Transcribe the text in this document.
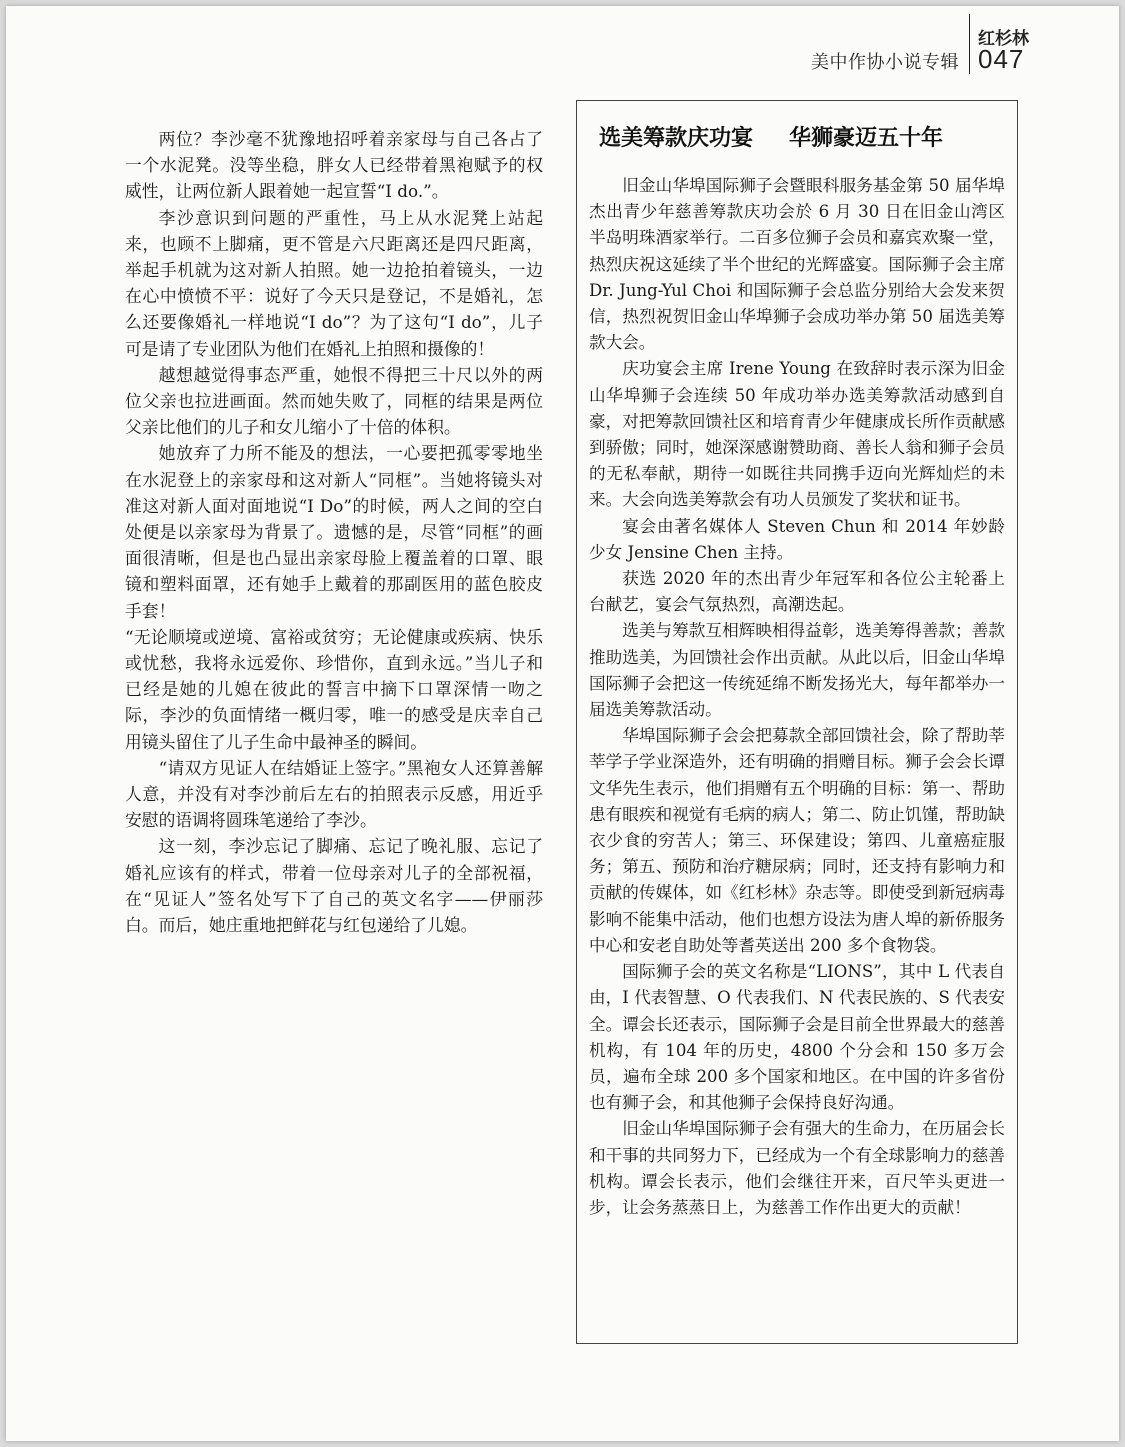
美中作协小说专辑
红杉林
047

两位？李沙毫不犹豫地招呼着亲家母与自己各占了一个水泥凳。没等坐稳，胖女人已经带着黑袍赋予的权威性，让两位新人跟着她一起宣誓“I do.”。

李沙意识到问题的严重性，马上从水泥凳上站起来，也顾不上脚痛，更不管是六尺距离还是四尺距离，举起手机就为这对新人拍照。她一边抢拍着镜头，一边在心中愤愤不平：说好了今天只是登记，不是婚礼，怎么还要像婚礼一样地说“I do”？为了这句“I do”，儿子可是请了专业团队为他们在婚礼上拍照和摄像的！

越想越觉得事态严重，她恨不得把三十尺以外的两位父亲也拉进画面。然而她失败了，同框的结果是两位父亲比他们的儿子和女儿缩小了十倍的体积。

她放弃了力所不能及的想法，一心要把孤零零地坐在水泥登上的亲家母和这对新人“同框”。当她将镜头对准这对新人面对面地说“I Do”的时候，两人之间的空白处便是以亲家母为背景了。遗憾的是，尽管“同框”的画面很清晰，但是也凸显出亲家母脸上覆盖着的口罩、眼镜和塑料面罩，还有她手上戴着的那副医用的蓝色胶皮手套！

“无论顺境或逆境、富裕或贫穷；无论健康或疾病、快乐或忧愁，我将永远爱你、珍惜你，直到永远。”当儿子和已经是她的儿媳在彼此的誓言中摘下口罩深情一吻之际，李沙的负面情绪一概归零，唯一的感受是庆幸自己用镜头留住了儿子生命中最神圣的瞬间。

“请双方见证人在结婚证上签字。”黑袍女人还算善解人意，并没有对李沙前后左右的拍照表示反感，用近乎安慰的语调将圆珠笔递给了李沙。

这一刻，李沙忘记了脚痛、忘记了晚礼服、忘记了婚礼应该有的样式，带着一位母亲对儿子的全部祝福，在“见证人”签名处写下了自己的英文名字——伊丽莎白。而后，她庄重地把鲜花与红包递给了儿媳。

选美筹款庆功宴 华狮豪迈五十年

旧金山华埠国际狮子会暨眼科服务基金第 50 届华埠杰出青少年慈善筹款庆功会於 6 月 30 日在旧金山湾区半岛明珠酒家举行。二百多位狮子会员和嘉宾欢聚一堂，热烈庆祝这延续了半个世纪的光辉盛宴。国际狮子会主席 Dr. Jung-Yul Choi 和国际狮子会总监分别给大会发来贺信，热烈祝贺旧金山华埠狮子会成功举办第 50 届选美筹款大会。

庆功宴会主席 Irene Young 在致辞时表示深为旧金山华埠狮子会连续 50 年成功举办选美筹款活动感到自豪，对把筹款回馈社区和培育青少年健康成长所作贡献感到骄傲；同时，她深深感谢赞助商、善长人翁和狮子会员的无私奉献，期待一如既往共同携手迈向光辉灿烂的未来。大会向选美筹款会有功人员颁发了奖状和证书。

宴会由著名媒体人 Steven Chun 和 2014 年妙龄少女 Jensine Chen 主持。

获选 2020 年的杰出青少年冠军和各位公主轮番上台献艺，宴会气氛热烈，高潮迭起。

选美与筹款互相辉映相得益彰，选美筹得善款；善款推助选美，为回馈社会作出贡献。从此以后，旧金山华埠国际狮子会把这一传统延绵不断发扬光大，每年都举办一届选美筹款活动。

华埠国际狮子会会把募款全部回馈社会，除了帮助莘莘学子学业深造外，还有明确的捐赠目标。狮子会会长谭文华先生表示，他们捐赠有五个明确的目标：第一、帮助患有眼疾和视觉有毛病的病人；第二、防止饥馑，帮助缺衣少食的穷苦人；第三、环保建设；第四、儿童癌症服务；第五、预防和治疗糖尿病；同时，还支持有影响力和贡献的传媒体，如《红杉林》杂志等。即使受到新冠病毒影响不能集中活动，他们也想方设法为唐人埠的新侨服务中心和安老自助处等耆英送出 200 多个食物袋。

国际狮子会的英文名称是“LIONS”，其中 L 代表自由，I 代表智慧、O 代表我们、N 代表民族的、S 代表安全。谭会长还表示，国际狮子会是目前全世界最大的慈善机构，有 104 年的历史，4800 个分会和 150 多万会员，遍布全球 200 多个国家和地区。在中国的许多省份也有狮子会，和其他狮子会保持良好沟通。

旧金山华埠国际狮子会有强大的生命力，在历届会长和干事的共同努力下，已经成为一个有全球影响力的慈善机构。谭会长表示，他们会继往开来，百尺竿头更进一步，让会务蒸蒸日上，为慈善工作作出更大的贡献！
